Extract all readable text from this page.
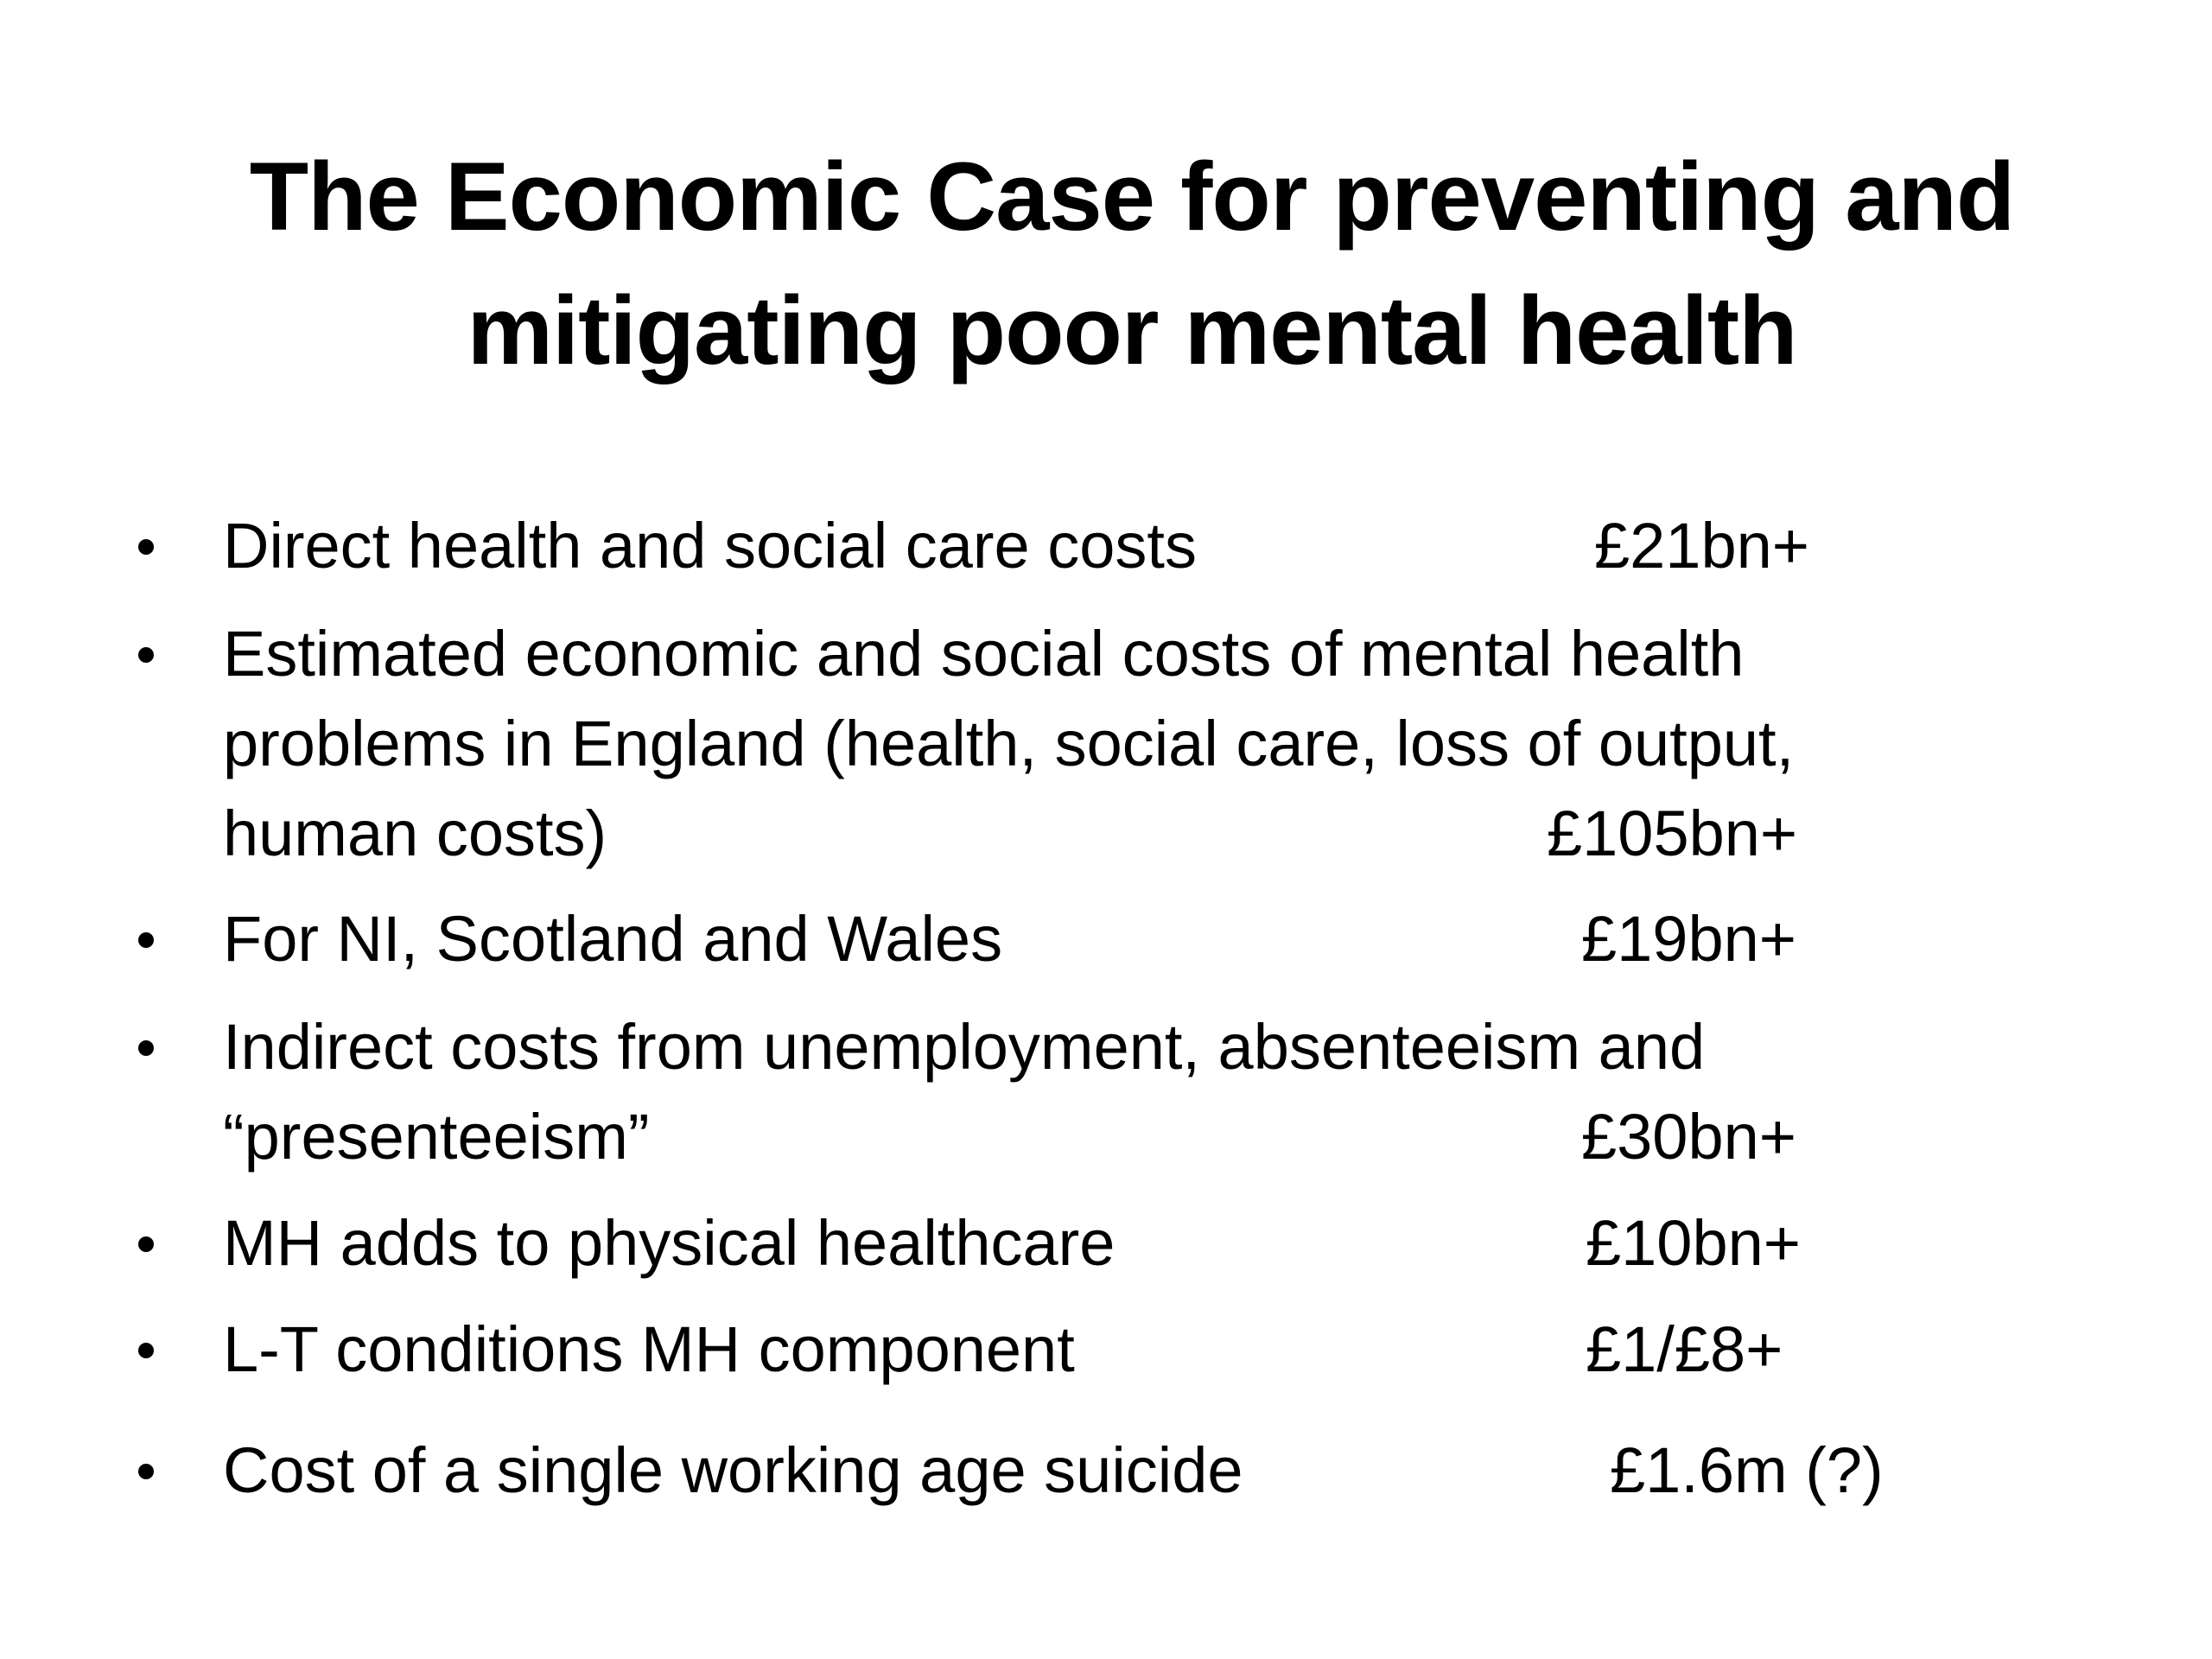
The Economic Case for preventing and
mitigating poor mental health
Direct health and social care costs	£21bn+
Estimated economic and social costs of mental health
problems in England (health, social care, loss of output,
human costs)	£105bn+
For NI, Scotland and Wales	£19bn+
Indirect costs from unemployment, absenteeism and
“presenteeism”	£30bn+
MH adds to physical healthcare	£10bn+
L-T conditions MH component	£1/£8+
Cost of a single working age suicide	£1.6m (?)
